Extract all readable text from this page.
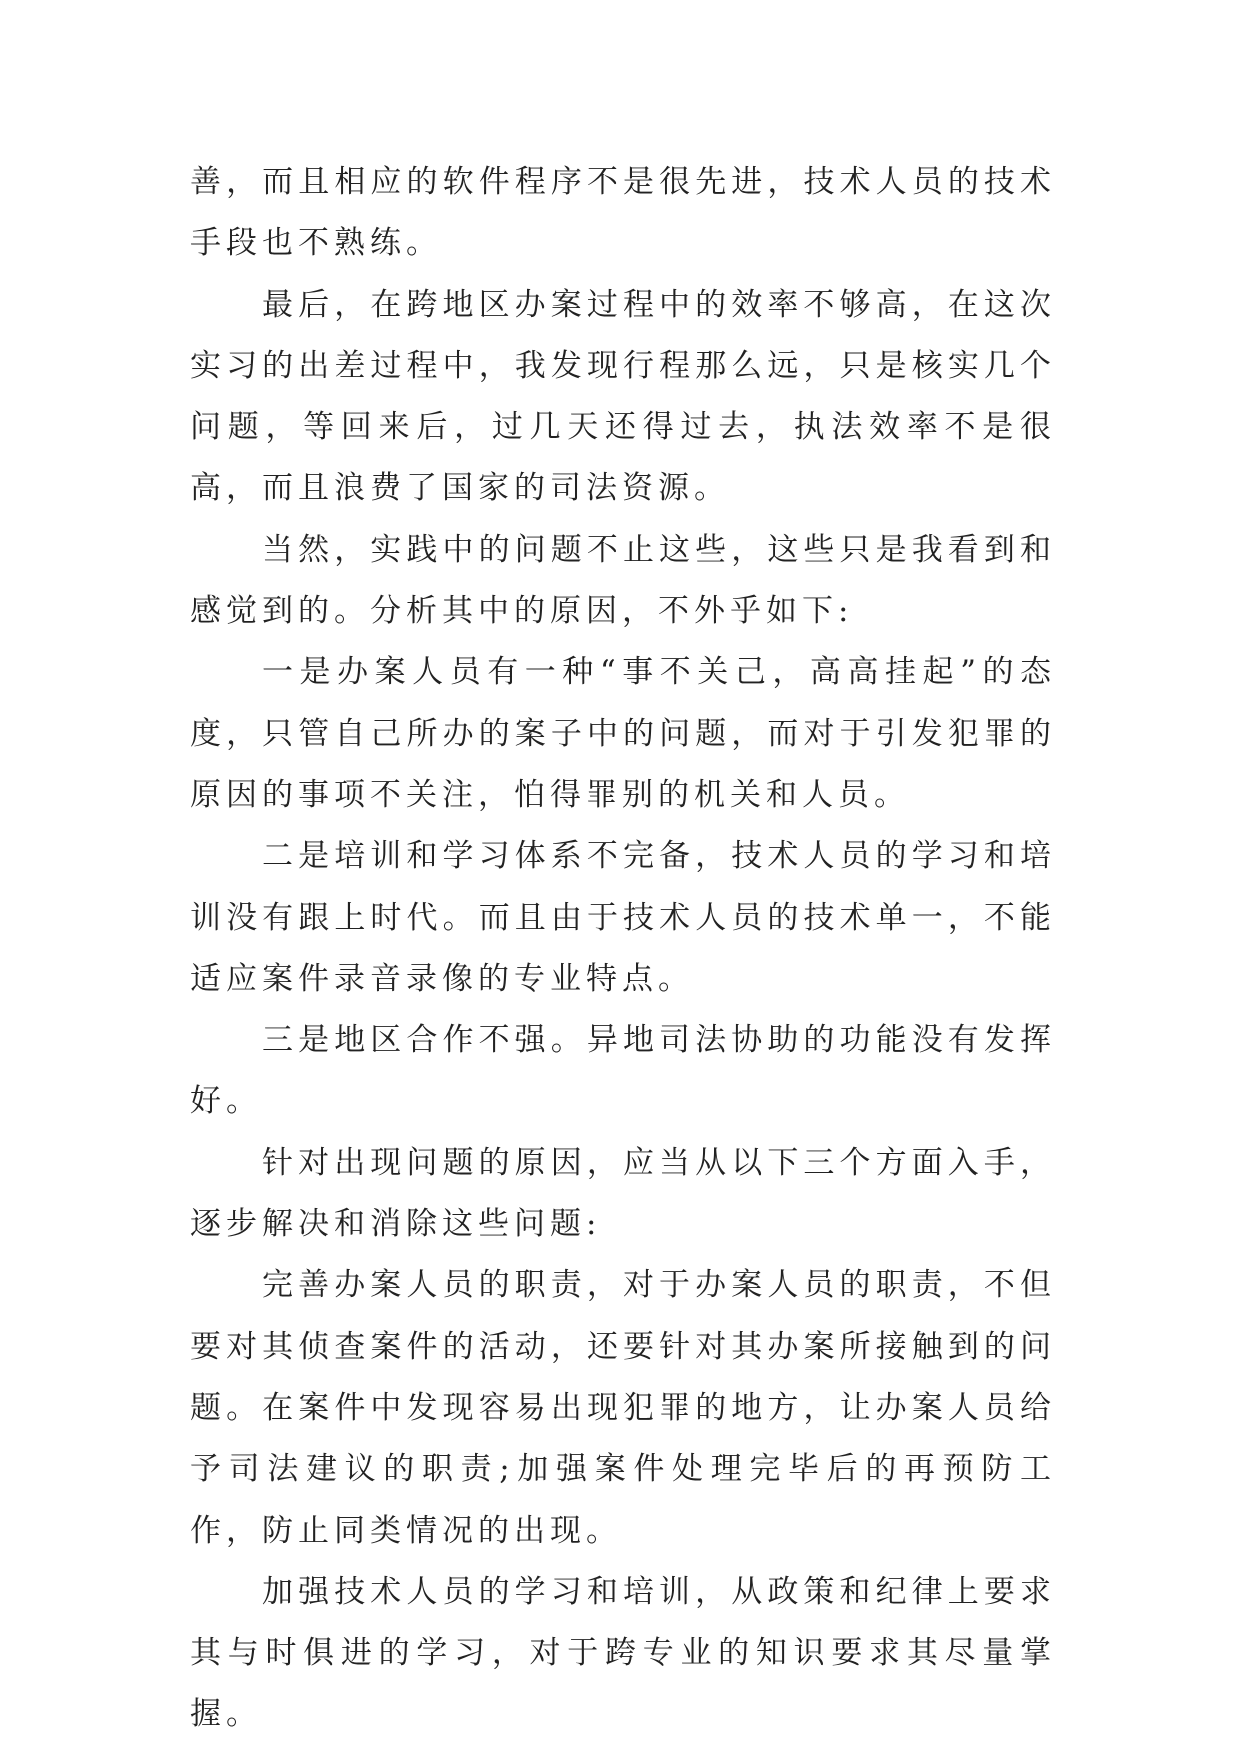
善，而且相应的软件程序不是很先进，技术人员的技术手段也不熟练。

最后，在跨地区办案过程中的效率不够高，在这次实习的出差过程中，我发现行程那么远，只是核实几个问题，等回来后，过几天还得过去，执法效率不是很高，而且浪费了国家的司法资源。

当然，实践中的问题不止这些，这些只是我看到和感觉到的。分析其中的原因，不外乎如下:

一是办案人员有一种“事不关己，高高挂起”的态度，只管自己所办的案子中的问题，而对于引发犯罪的原因的事项不关注，怕得罪别的机关和人员。

二是培训和学习体系不完备，技术人员的学习和培训没有跟上时代。而且由于技术人员的技术单一，不能适应案件录音录像的专业特点。

三是地区合作不强。异地司法协助的功能没有发挥好。

针对出现问题的原因，应当从以下三个方面入手，逐步解决和消除这些问题:

完善办案人员的职责，对于办案人员的职责，不但要对其侦查案件的活动，还要针对其办案所接触到的问题。在案件中发现容易出现犯罪的地方，让办案人员给予司法建议的职责;加强案件处理完毕后的再预防工作，防止同类情况的出现。

加强技术人员的学习和培训，从政策和纪律上要求其与时俱进的学习，对于跨专业的知识要求其尽量掌握。
